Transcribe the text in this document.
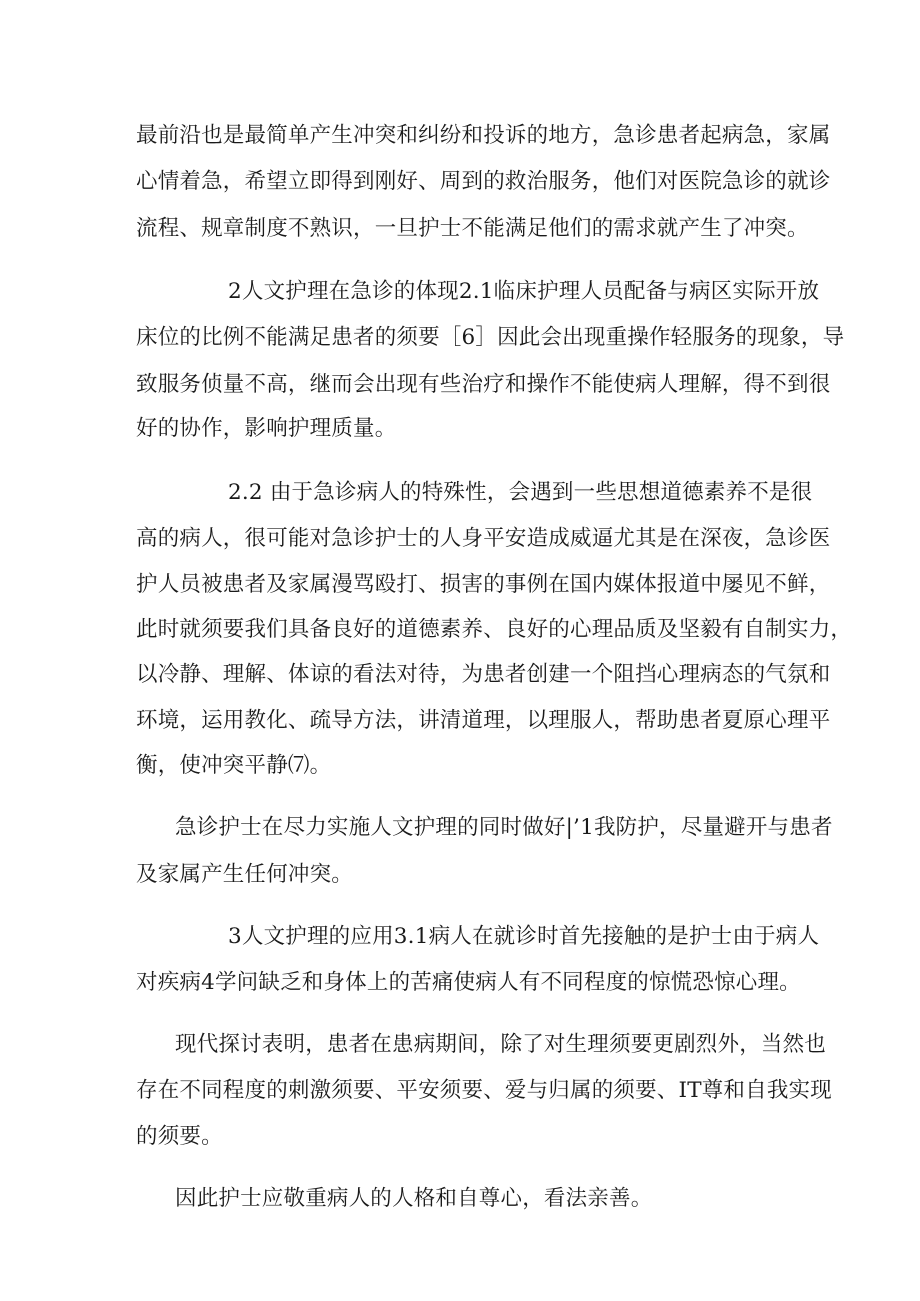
最前沿也是最简单产生冲突和纠纷和投诉的地方，急诊患者起病急，家属
心情着急，希望立即得到刚好、周到的救治服务，他们对医院急诊的就诊
流程、规章制度不熟识，一旦护士不能满足他们的需求就产生了冲突。
2人文护理在急诊的体现2.1临床护理人员配备与病区实际开放
床位的比例不能满足患者的须要［6］因此会出现重操作轻服务的现象，导
致服务侦量不高，继而会出现有些治疗和操作不能使病人理解，得不到很
好的协作，影响护理质量。
2.2 由于急诊病人的特殊性，会遇到一些思想道德素养不是很
高的病人，很可能对急诊护士的人身平安造成威逼尤其是在深夜，急诊医
护人员被患者及家属漫骂殴打、损害的事例在国内媒体报道中屡见不鲜，
此时就须要我们具备良好的道德素养、良好的心理品质及坚毅有自制实力，
以冷静、理解、体谅的看法对待，为患者创建一个阻挡心理病态的气氛和
环境，运用教化、疏导方法，讲清道理，以理服人，帮助患者夏原心理平
衡，使冲突平静⑺。
急诊护士在尽力实施人文护理的同时做好|’1我防护，尽量避开与患者
及家属产生任何冲突。
3人文护理的应用3.1病人在就诊时首先接触的是护士由于病人
对疾病4学问缺乏和身体上的苦痛使病人有不同程度的惊慌恐惊心理。
现代探讨表明，患者在患病期间，除了对生理须要更剧烈外，当然也
存在不同程度的刺激须要、平安须要、爱与归属的须要、IT尊和自我实现
的须要。
因此护士应敬重病人的人格和自尊心，看法亲善。
